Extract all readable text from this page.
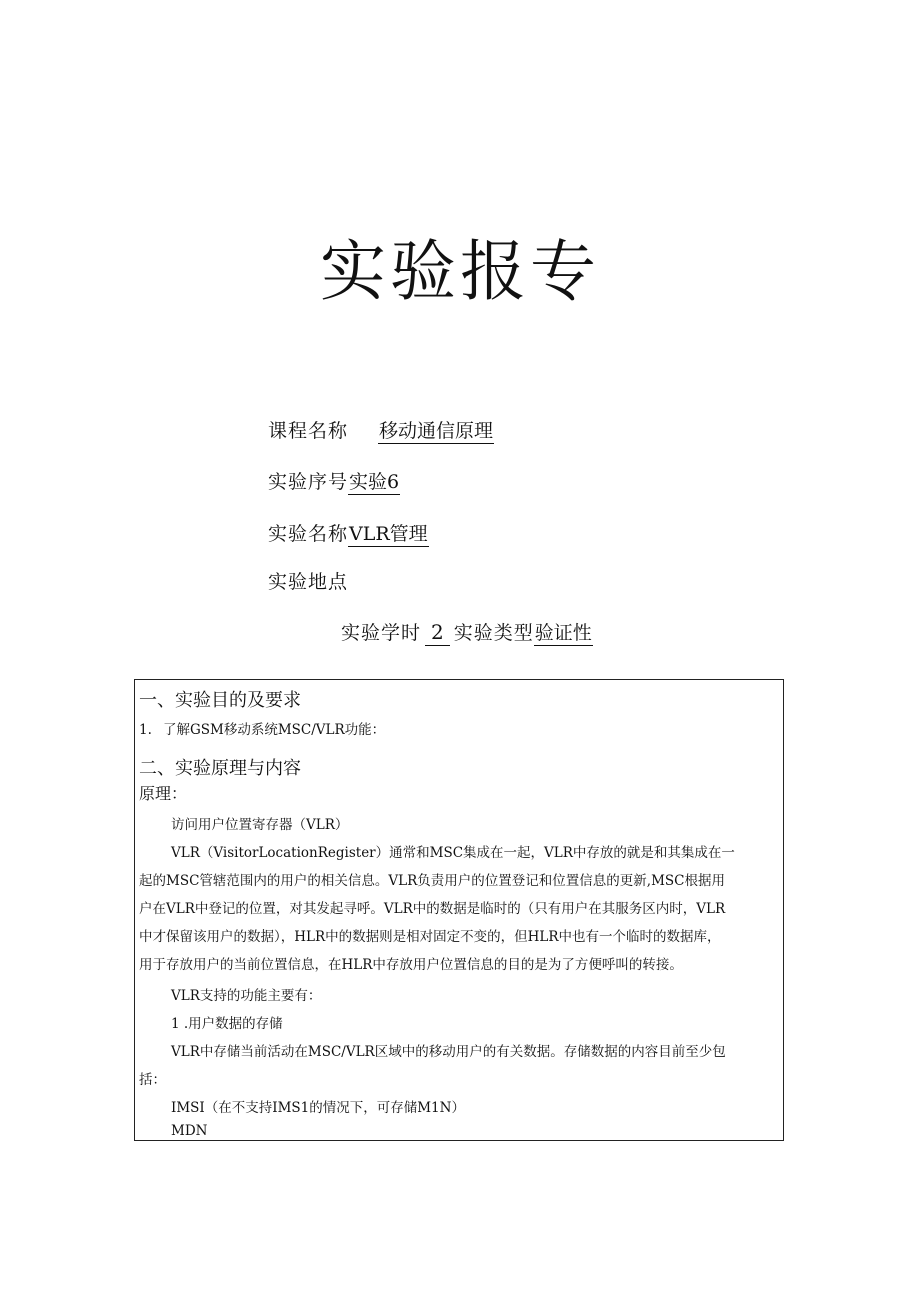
实验报专
课程名称 移动通信原理
实验序号实验6
实验名称VLR管理
实验地点
实验学时 2 实验类型验证性
一、实验目的及要求
1. 了解GSM移动系统MSC/VLR功能：
二、实验原理与内容
原理：
访问用户位置寄存器（VLR）
VLR（VisitorLocationRegister）通常和MSC集成在一起，VLR中存放的就是和其集成在一
起的MSC管辖范围内的用户的相关信息。VLR负责用户的位置登记和位置信息的更新,MSC根据用
户在VLR中登记的位置，对其发起寻呼。VLR中的数据是临时的（只有用户在其服务区内时，VLR
中才保留该用户的数据），HLR中的数据则是相对固定不变的，但HLR中也有一个临时的数据库，
用于存放用户的当前位置信息，在HLR中存放用户位置信息的目的是为了方便呼叫的转接。
VLR支持的功能主要有：
1 .用户数据的存储
VLR中存储当前活动在MSC/VLR区域中的移动用户的有关数据。存储数据的内容目前至少包
括：
IMSI（在不支持IMS1的情况下，可存储M1N）
MDN
